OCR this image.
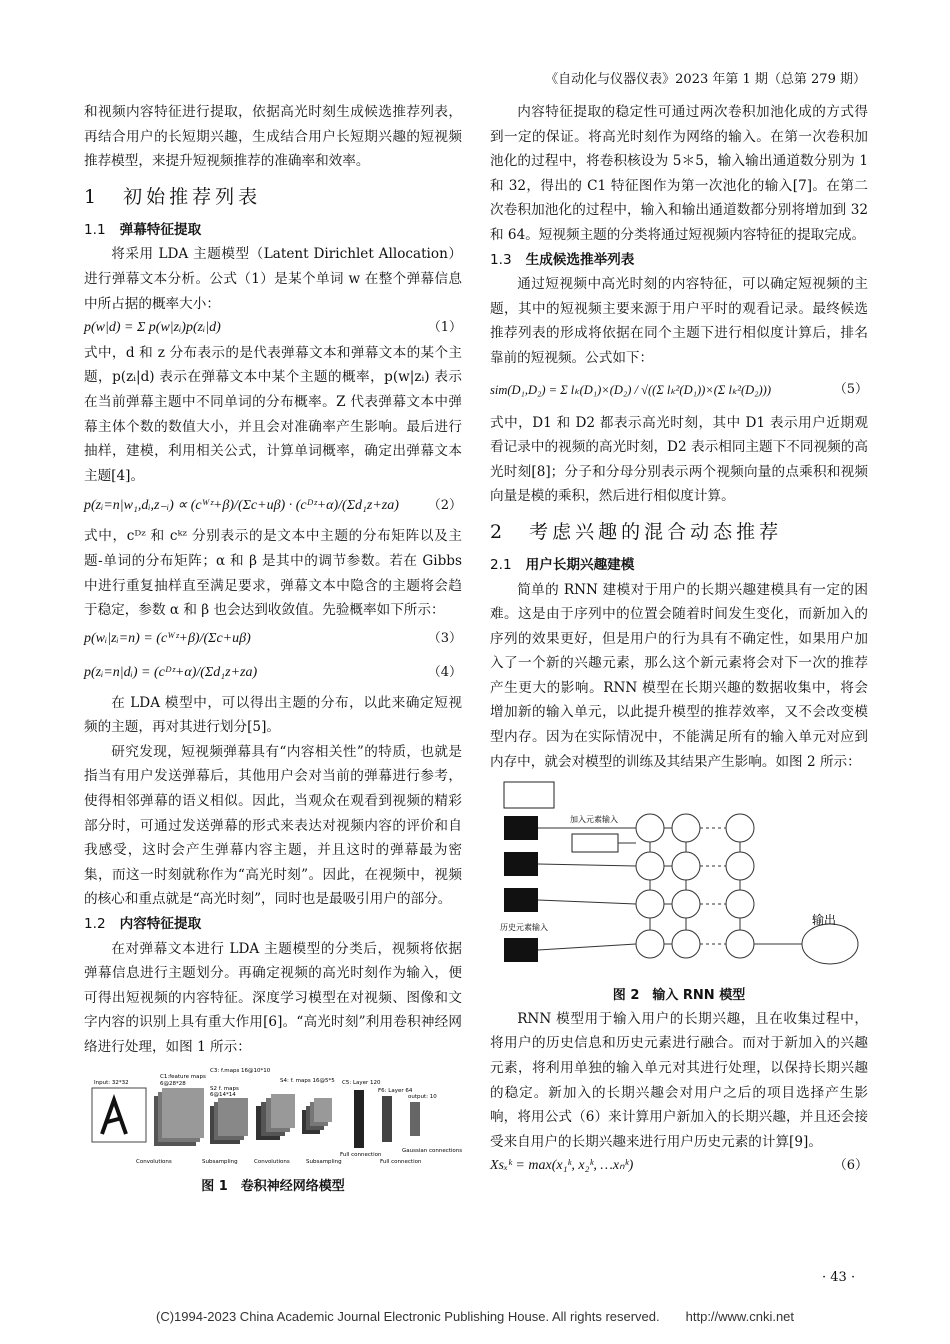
《自动化与仪器仪表》2023 年第 1 期（总第 279 期）

和视频内容特征进行提取，依据高光时刻生成候选推荐列表，再结合用户的长短期兴趣，生成结合用户长短期兴趣的短视频推荐模型，来提升短视频推荐的准确率和效率。

1　初始推荐列表
1.1 弹幕特征提取

将采用 LDA 主题模型（Latent Dirichlet Allocation）进行弹幕文本分析。公式（1）是某个单词 w 在整个弹幕信息中所占据的概率大小：

p(w|d) = Σ p(w|zᵢ)p(zᵢ|d)	（1）

式中，d 和 z 分布表示的是代表弹幕文本和弹幕文本的某个主题，p(zᵢ|d) 表示在弹幕文本中某个主题的概率，p(w|zᵢ) 表示在当前弹幕主题中不同单词的分布概率。Z 代表弹幕文本中弹幕主体个数的数值大小，并且会对准确率产生影响。最后进行抽样，建模，利用相关公式，计算单词概率，确定出弹幕文本主题[4]。

p(zᵢ=n|w₁,dᵢ,z₋ᵢ) ∝ (cᵂᶻ+β)/(Σc+uβ) · (cᴰᶻ+α)/(Σd₁z+za) （2）

式中，cᴰᶻ 和 cᵏᶻ 分别表示的是文本中主题的分布矩阵以及主题-单词的分布矩阵；α 和 β 是其中的调节参数。若在 Gibbs 中进行重复抽样直至满足要求，弹幕文本中隐含的主题将会趋于稳定，参数 α 和 β 也会达到收敛值。先验概率如下所示：

p(wᵢ|zᵢ=n) = (cᵂᶻ+β)/(Σc+uβ)	（3）
p(zᵢ=n|dᵢ) = (cᴰᶻ+α)/(Σd₁z+za)	（4）

在 LDA 模型中，可以得出主题的分布，以此来确定短视频的主题，再对其进行划分[5]。

研究发现，短视频弹幕具有“内容相关性”的特质，也就是指当有用户发送弹幕后，其他用户会对当前的弹幕进行参考，使得相邻弹幕的语义相似。因此，当观众在观看到视频的精彩部分时，可通过发送弹幕的形式来表达对视频内容的评价和自我感受，这时会产生弹幕内容主题，并且这时的弹幕最为密集，而这一时刻就称作为“高光时刻”。因此，在视频中，视频的核心和重点就是“高光时刻”，同时也是最吸引用户的部分。

1.2 内容特征提取

在对弹幕文本进行 LDA 主题模型的分类后，视频将依据弹幕信息进行主题划分。再确定视频的高光时刻作为输入，便可得出短视频的内容特征。深度学习模型在对视频、图像和文字内容的识别上具有重大作用[6]。“高光时刻”利用卷积神经网络进行处理，如图 1 所示：

Input: 32*32
C1:feature maps
6@28*28
C3: f.maps 16@10*10
S2 f. maps
6@14*14
S4: f. maps 16@5*5 C5: Layer 120
F6: Layer 64
output: 10
Convolutions	Subsampling	Convolutions	Subsampling
Full connection
Full connection
Gaussian connections
图 1　卷积神经网络模型

内容特征提取的稳定性可通过两次卷积加池化成的方式得到一定的保证。将高光时刻作为网络的输入。在第一次卷积加池化的过程中，将卷积核设为 5＊5，输入输出通道数分别为 1 和 32，得出的 C1 特征图作为第一次池化的输入[7]。在第二次卷积加池化的过程中，输入和输出通道数都分别将增加到 32 和 64。短视频主题的分类将通过短视频内容特征的提取完成。

1.3 生成候选推举列表

通过短视频中高光时刻的内容特征，可以确定短视频的主题，其中的短视频主要来源于用户平时的观看记录。最终候选推荐列表的形成将依据在同个主题下进行相似度计算后，排名靠前的短视频。公式如下：

sim(D₁,D₂) = Σ lₖ(D₁)×(D₂) / √((Σ lₖ²(D₁))×(Σ lₖ²(D₂)))	（5）

式中，D1 和 D2 都表示高光时刻，其中 D1 表示用户近期观看记录中的视频的高光时刻，D2 表示相同主题下不同视频的高光时刻[8]；分子和分母分别表示两个视频向量的点乘积和视频向量是模的乘积，然后进行相似度计算。

2　考虑兴趣的混合动态推荐
2.1 用户长期兴趣建模

简单的 RNN 建模对于用户的长期兴趣建模具有一定的困难。这是由于序列中的位置会随着时间发生变化，而新加入的序列的效果更好，但是用户的行为具有不确定性，如果用户加入了一个新的兴趣元素，那么这个新元素将会对下一次的推荐产生更大的影响。RNN 模型在长期兴趣的数据收集中，将会增加新的输入单元，以此提升模型的推荐效率，又不会改变模型内存。因为在实际情况中，不能满足所有的输入单元对应到内存中，就会对模型的训练及其结果产生影响。如图 2 所示：

加入元素输入
历史元素输入
输出
图 2　输入 RNN 模型

RNN 模型用于输入用户的长期兴趣，且在收集过程中，将用户的历史信息和历史元素进行融合。而对于新加入的兴趣元素，将利用单独的输入单元对其进行处理，以保持长期兴趣的稳定。新加入的长期兴趣会对用户之后的项目选择产生影响，将用公式（6）来计算用户新加入的长期兴趣，并且还会接受来自用户的长期兴趣来进行用户历史元素的计算[9]。

Xsₓᵏ = max(x₁ᵏ, x₂ᵏ, …xₙᵏ)	（6）
· 43 ·
(C)1994-2023 China Academic Journal Electronic Publishing House. All rights reserved.　　http://www.cnki.net
